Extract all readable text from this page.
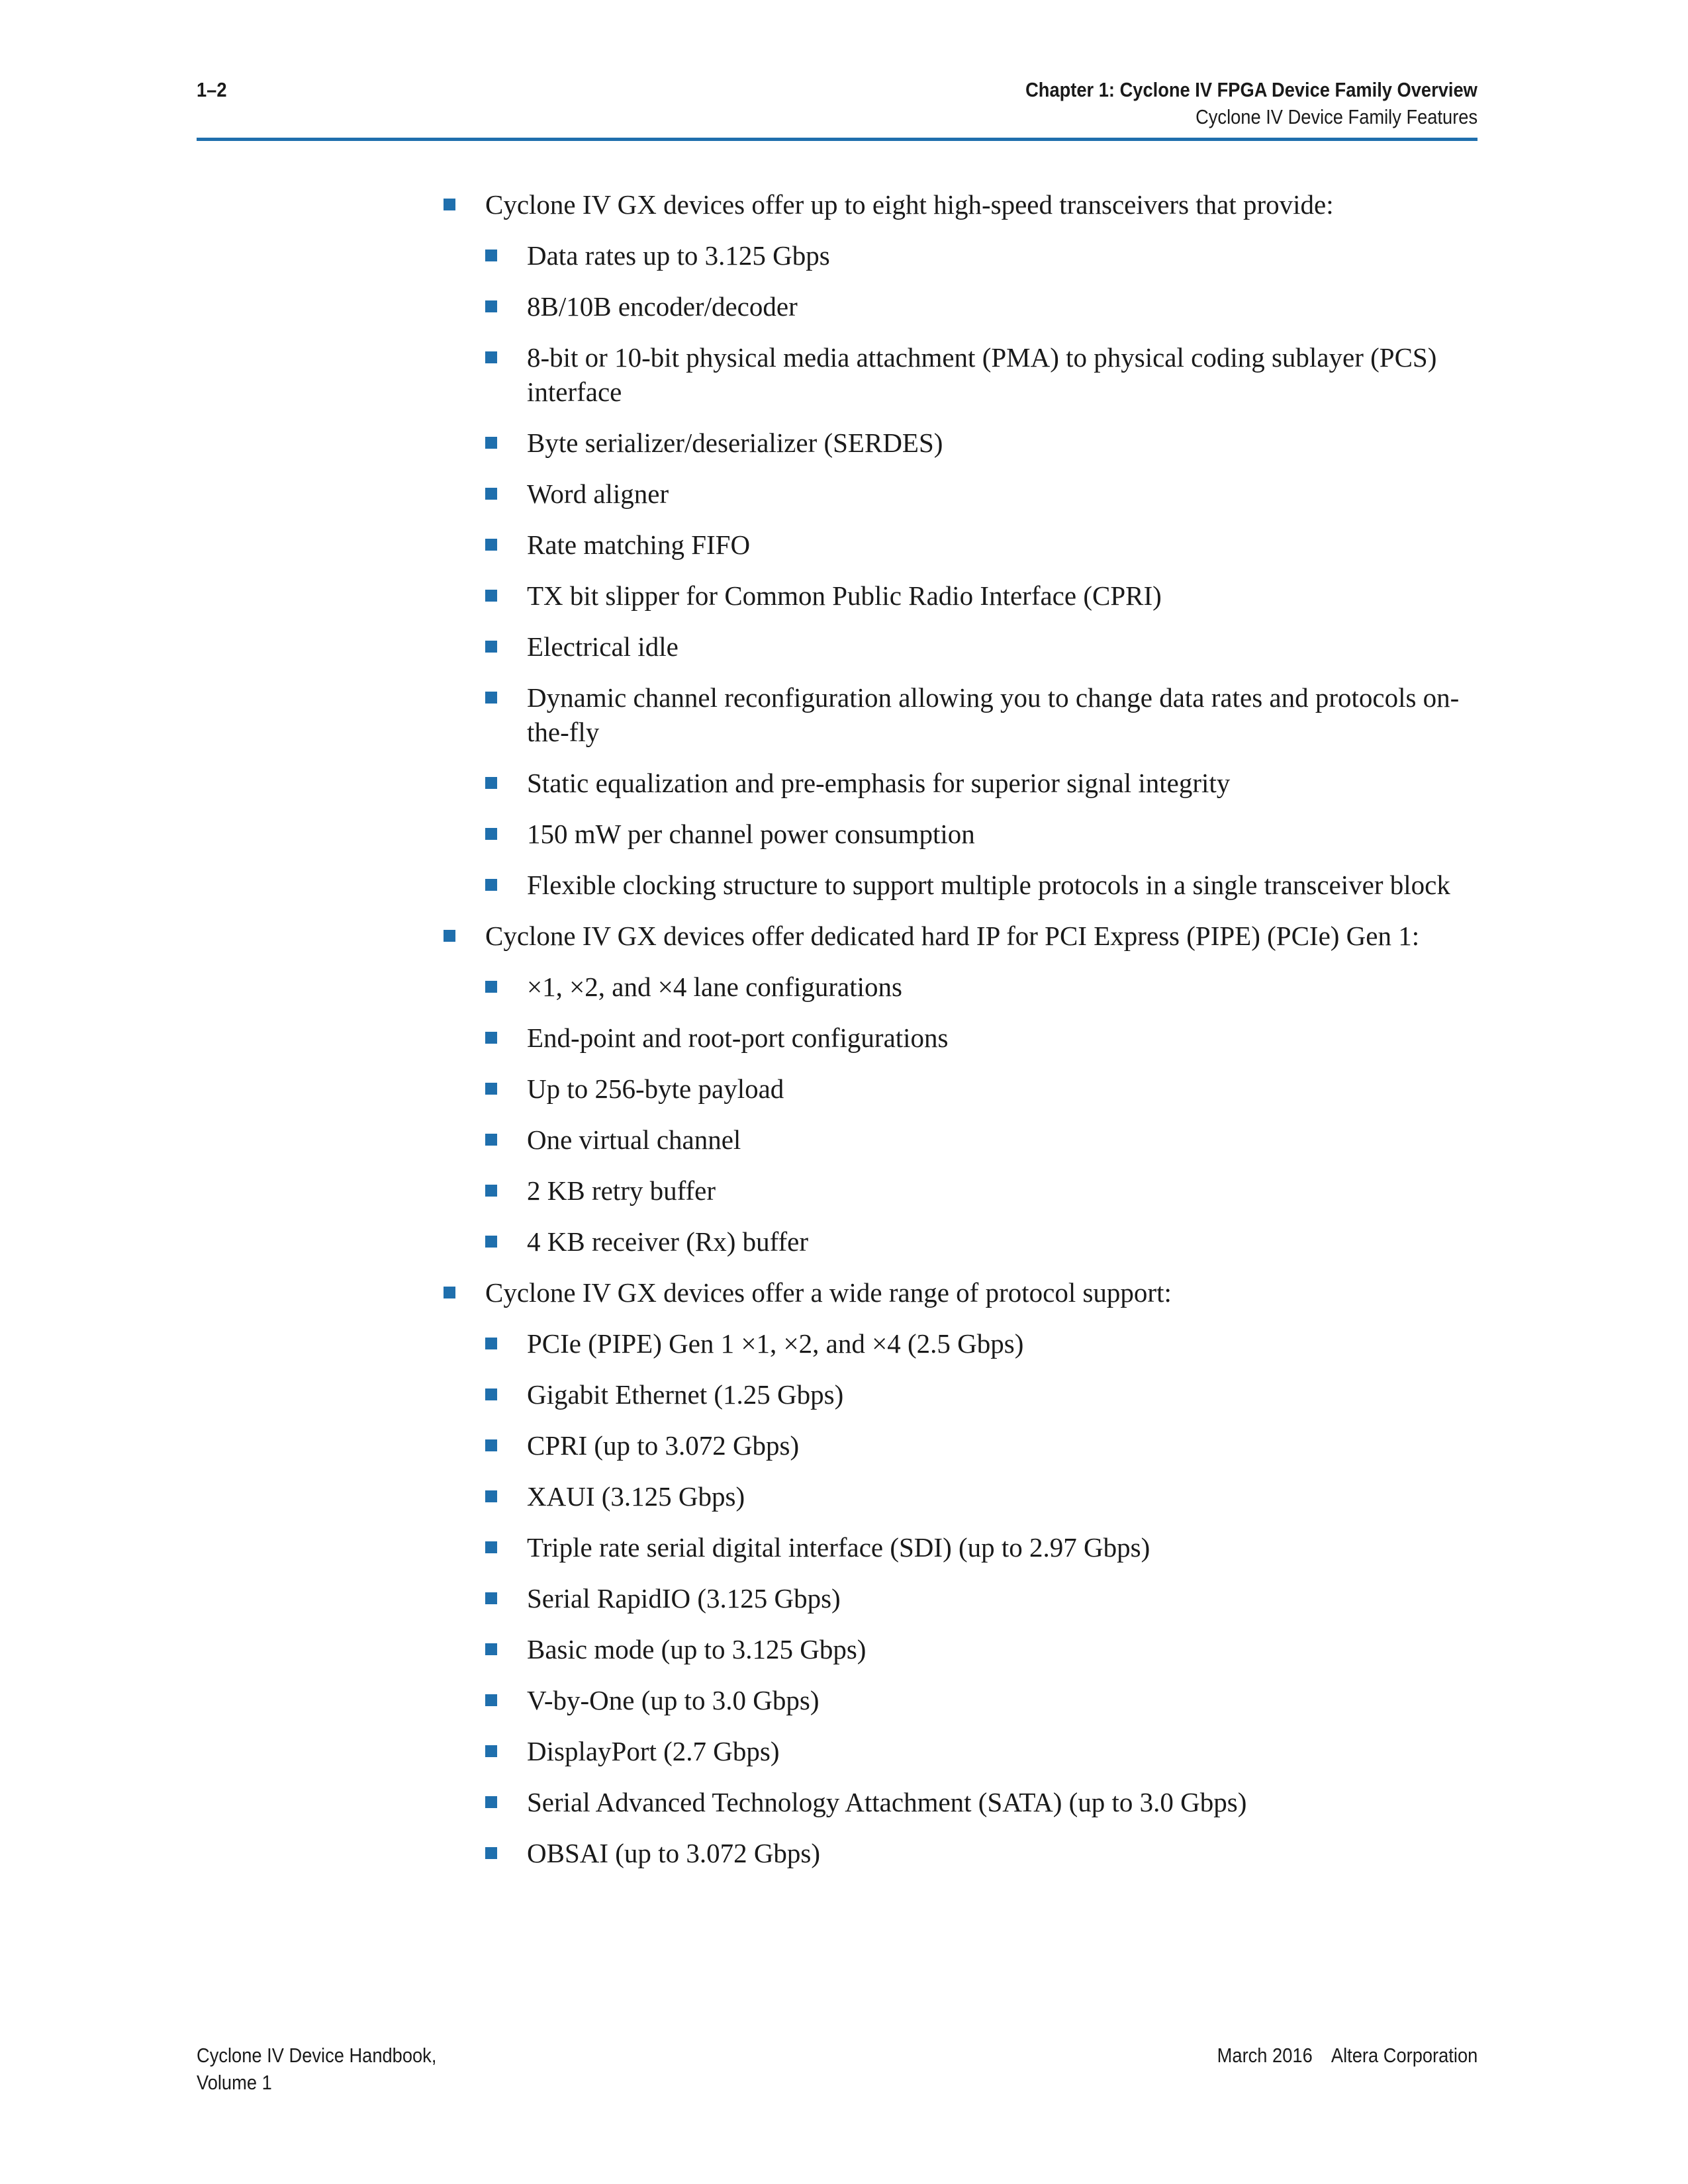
1–2	Chapter 1: Cyclone IV FPGA Device Family Overview
Cyclone IV Device Family Features
Cyclone IV GX devices offer up to eight high-speed transceivers that provide:
Data rates up to 3.125 Gbps
8B/10B encoder/decoder
8-bit or 10-bit physical media attachment (PMA) to physical coding sublayer (PCS) interface
Byte serializer/deserializer (SERDES)
Word aligner
Rate matching FIFO
TX bit slipper for Common Public Radio Interface (CPRI)
Electrical idle
Dynamic channel reconfiguration allowing you to change data rates and protocols on-the-fly
Static equalization and pre-emphasis for superior signal integrity
150 mW per channel power consumption
Flexible clocking structure to support multiple protocols in a single transceiver block
Cyclone IV GX devices offer dedicated hard IP for PCI Express (PIPE) (PCIe) Gen 1:
×1, ×2, and ×4 lane configurations
End-point and root-port configurations
Up to 256-byte payload
One virtual channel
2 KB retry buffer
4 KB receiver (Rx) buffer
Cyclone IV GX devices offer a wide range of protocol support:
PCIe (PIPE) Gen 1 ×1, ×2, and ×4 (2.5 Gbps)
Gigabit Ethernet (1.25 Gbps)
CPRI (up to 3.072 Gbps)
XAUI (3.125 Gbps)
Triple rate serial digital interface (SDI) (up to 2.97 Gbps)
Serial RapidIO (3.125 Gbps)
Basic mode (up to 3.125 Gbps)
V-by-One (up to 3.0 Gbps)
DisplayPort (2.7 Gbps)
Serial Advanced Technology Attachment (SATA) (up to 3.0 Gbps)
OBSAI (up to 3.072 Gbps)
Cyclone IV Device Handbook,
Volume 1
March 2016 Altera Corporation
